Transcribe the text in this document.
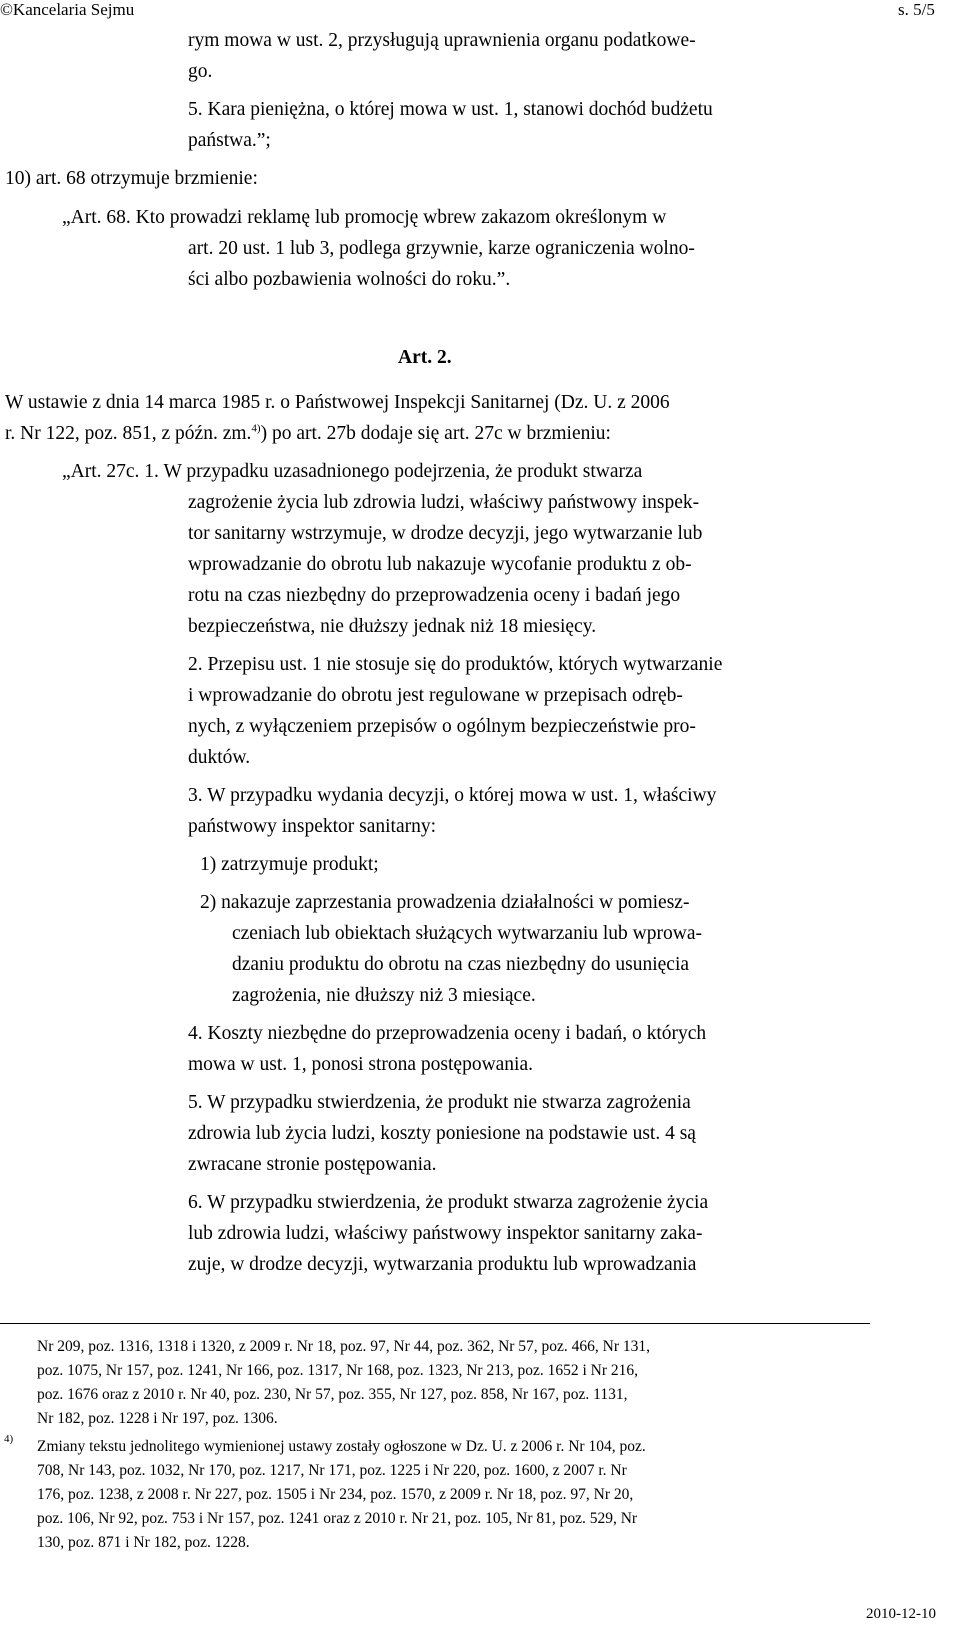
©Kancelaria Sejmu	s. 5/5
rym mowa w ust. 2, przysługują uprawnienia organu podatkowe-
go.
5. Kara pieniężna, o której mowa w ust. 1, stanowi dochód budżetu
państwa.”;
10) art. 68 otrzymuje brzmienie:
„Art. 68. Kto prowadzi reklamę lub promocję wbrew zakazom określonym w
art. 20 ust. 1 lub 3, podlega grzywnie, karze ograniczenia wolno-
ści albo pozbawienia wolności do roku.”.
Art. 2.
W ustawie z dnia 14 marca 1985 r. o Państwowej Inspekcji Sanitarnej (Dz. U. z 2006
r. Nr 122, poz. 851, z późn. zm.$^{4)}$) po art. 27b dodaje się art. 27c w brzmieniu:
„Art. 27c. 1. W przypadku uzasadnionego podejrzenia, że produkt stwarza
zagrożenie życia lub zdrowia ludzi, właściwy państwowy inspek-
tor sanitarny wstrzymuje, w drodze decyzji, jego wytwarzanie lub
wprowadzanie do obrotu lub nakazuje wycofanie produktu z ob-
rotu na czas niezbędny do przeprowadzenia oceny i badań jego
bezpieczeństwa, nie dłuższy jednak niż 18 miesięcy.
2. Przepisu ust. 1 nie stosuje się do produktów, których wytwarzanie
i wprowadzanie do obrotu jest regulowane w przepisach odręb-
nych, z wyłączeniem przepisów o ogólnym bezpieczeństwie pro-
duktów.
3. W przypadku wydania decyzji, o której mowa w ust. 1, właściwy
państwowy inspektor sanitarny:
1) zatrzymuje produkt;
2) nakazuje zaprzestania prowadzenia działalności w pomiesz-
czeniach lub obiektach służących wytwarzaniu lub wprowa-
dzaniu produktu do obrotu na czas niezbędny do usunięcia
zagrożenia, nie dłuższy niż 3 miesiące.
4. Koszty niezbędne do przeprowadzenia oceny i badań, o których
mowa w ust. 1, ponosi strona postępowania.
5. W przypadku stwierdzenia, że produkt nie stwarza zagrożenia
zdrowia lub życia ludzi, koszty poniesione na podstawie ust. 4 są
zwracane stronie postępowania.
6. W przypadku stwierdzenia, że produkt stwarza zagrożenie życia
lub zdrowia ludzi, właściwy państwowy inspektor sanitarny zaka-
zuje, w drodze decyzji, wytwarzania produktu lub wprowadzania
Nr 209, poz. 1316, 1318 i 1320, z 2009 r. Nr 18, poz. 97, Nr 44, poz. 362, Nr 57, poz. 466, Nr 131,
poz. 1075, Nr 157, poz. 1241, Nr 166, poz. 1317, Nr 168, poz. 1323, Nr 213, poz. 1652 i Nr 216,
poz. 1676 oraz z 2010 r. Nr 40, poz. 230, Nr 57, poz. 355, Nr 127, poz. 858, Nr 167, poz. 1131,
Nr 182, poz. 1228 i Nr 197, poz. 1306.
4) Zmiany tekstu jednolitego wymienionej ustawy zostały ogłoszone w Dz. U. z 2006 r. Nr 104, poz.
708, Nr 143, poz. 1032, Nr 170, poz. 1217, Nr 171, poz. 1225 i Nr 220, poz. 1600, z 2007 r. Nr
176, poz. 1238, z 2008 r. Nr 227, poz. 1505 i Nr 234, poz. 1570, z 2009 r. Nr 18, poz. 97, Nr 20,
poz. 106, Nr 92, poz. 753 i Nr 157, poz. 1241 oraz z 2010 r. Nr 21, poz. 105, Nr 81, poz. 529, Nr
130, poz. 871 i Nr 182, poz. 1228.
2010-12-10
